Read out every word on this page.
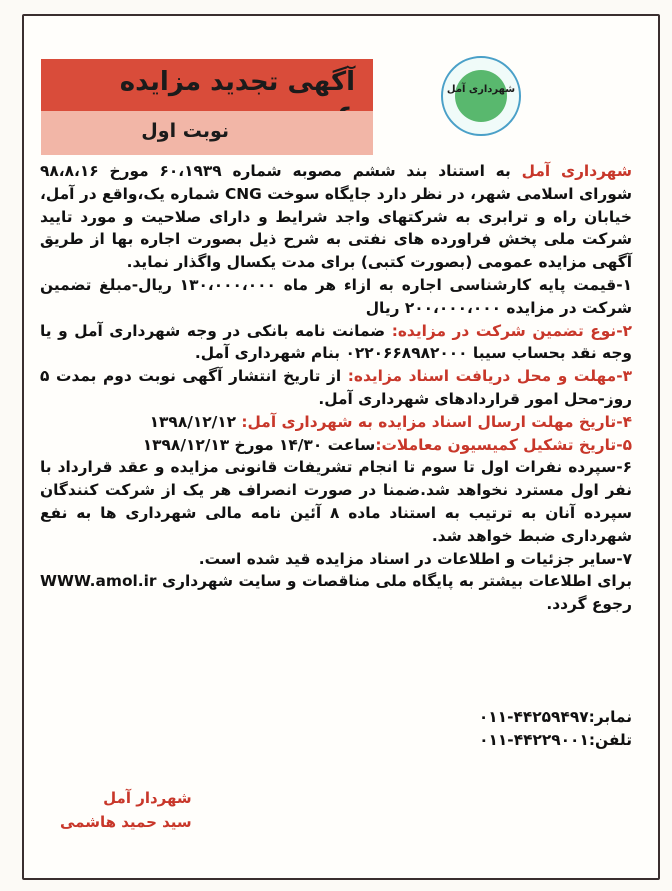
آگهی تجدید مزایده
نوبت اول
شهرداری آمل

شهرداری آمل به استناد بند ششم مصوبه شماره ۶۰،۱۹۳۹ مورخ ۹۸،۸،۱۶ شورای اسلامی شهر، در نظر دارد جایگاه سوخت CNG شماره یک،واقع در آمل، خیابان راه و ترابری به شرکتهای واجد شرایط و دارای صلاحیت و مورد تایید شرکت ملی پخش فراورده های نفتی به شرح ذیل بصورت اجاره بها از طریق آگهی مزایده عمومی (بصورت کتبی) برای مدت یکسال واگذار نماید.

۱-قیمت پایه کارشناسی اجاره به ازاء هر ماه ۱۳۰،۰۰۰،۰۰۰ ریال-مبلغ تضمین شرکت در مزایده ۲۰۰،۰۰۰،۰۰۰ ریال

۲-نوع تضمین شرکت در مزایده: ضمانت نامه بانکی در وجه شهرداری آمل و یا وجه نقد بحساب سیبا ۰۲۲۰۶۶۸۹۸۲۰۰۰ بنام شهرداری آمل.

۳-مهلت و محل دریافت اسناد مزایده: از تاریخ انتشار آگهی نوبت دوم بمدت ۵ روز-محل امور قراردادهای شهرداری آمل.

۴-تاریخ مهلت ارسال اسناد مزایده به شهرداری آمل: ۱۳۹۸/۱۲/۱۲

۵-تاریخ تشکیل کمیسیون معاملات:ساعت ۱۴/۳۰ مورخ ۱۳۹۸/۱۲/۱۳

۶-سپرده نفرات اول تا سوم تا انجام تشریفات قانونی مزایده و عقد قرارداد با نفر اول مسترد نخواهد شد.ضمنا در صورت انصراف هر یک از شرکت کنندگان سپرده آنان به ترتیب به استناد ماده ۸ آئین نامه مالی شهرداری ها به نفع شهرداری ضبط خواهد شد.

۷-سایر جزئیات و اطلاعات در اسناد مزایده قید شده است.

برای اطلاعات بیشتر به پایگاه ملی مناقصات و سایت شهرداری WWW.amol.ir رجوع گردد.

نمابر:۴۴۲۵۹۴۹۷-۰۱۱
تلفن:۴۴۲۲۹۰۰۱-۰۱۱
شهردار آمل
سید حمید هاشمی
